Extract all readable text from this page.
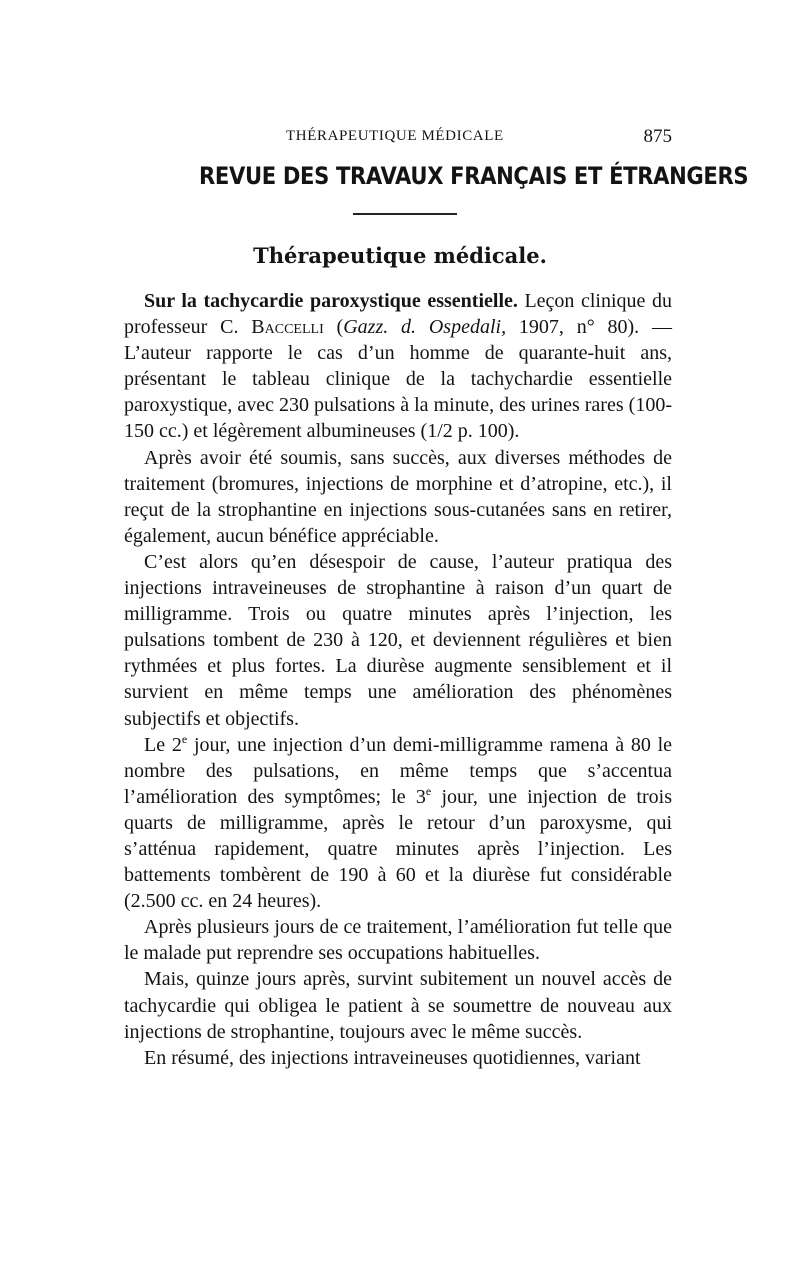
THÉRAPEUTIQUE MÉDICALE	875
REVUE DES TRAVAUX FRANÇAIS ET ÉTRANGERS
Thérapeutique médicale.

Sur la tachycardie paroxystique essentielle. Leçon clinique du professeur C. Baccelli (Gazz. d. Ospedali, 1907, n° 80). — L’auteur rapporte le cas d’un homme de quarante-huit ans, présentant le tableau clinique de la tachychardie essentielle paroxystique, avec 230 pulsations à la minute, des urines rares (100-150 cc.) et légèrement albumineuses (1/2 p. 100).

Après avoir été soumis, sans succès, aux diverses méthodes de traitement (bromures, injections de morphine et d’atropine, etc.), il reçut de la strophantine en injections sous-cutanées sans en retirer, également, aucun bénéfice appréciable.

C’est alors qu’en désespoir de cause, l’auteur pratiqua des injections intraveineuses de strophantine à raison d’un quart de milligramme. Trois ou quatre minutes après l’injection, les pulsations tombent de 230 à 120, et deviennent régulières et bien rythmées et plus fortes. La diurèse augmente sensiblement et il survient en même temps une amélioration des phénomènes subjectifs et objectifs.

Le 2e jour, une injection d’un demi-milligramme ramena à 80 le nombre des pulsations, en même temps que s’accentua l’amélioration des symptômes; le 3e jour, une injection de trois quarts de milligramme, après le retour d’un paroxysme, qui s’atténua rapidement, quatre minutes après l’injection. Les battements tombèrent de 190 à 60 et la diurèse fut considérable (2.500 cc. en 24 heures).

Après plusieurs jours de ce traitement, l’amélioration fut telle que le malade put reprendre ses occupations habituelles.

Mais, quinze jours après, survint subitement un nouvel accès de tachycardie qui obligea le patient à se soumettre de nouveau aux injections de strophantine, toujours avec le même succès.

En résumé, des injections intraveineuses quotidiennes, variant
